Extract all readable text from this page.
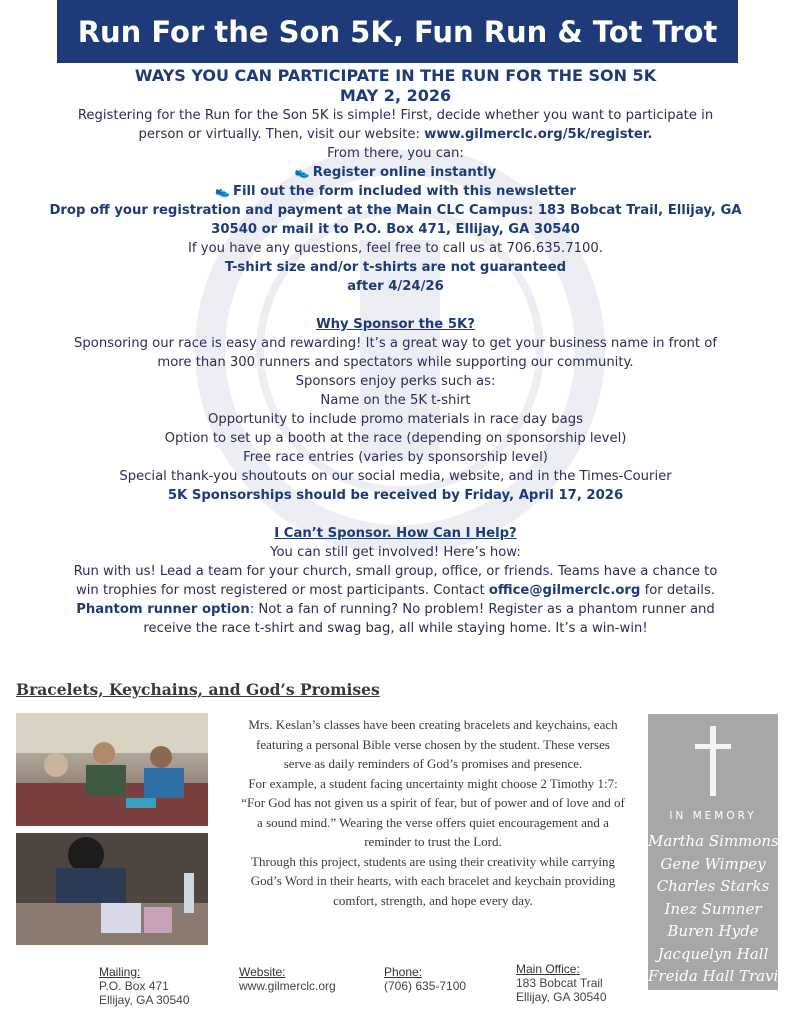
Run For the Son 5K, Fun Run & Tot Trot

WAYS YOU CAN PARTICIPATE IN THE RUN FOR THE SON 5K

MAY 2, 2026

Registering for the Run for the Son 5K is simple! First, decide whether you want to participate in

person or virtually. Then, visit our website: www.gilmerclc.org/5k/register.

From there, you can:

👟 Register online instantly

👟 Fill out the form included with this newsletter

Drop off your registration and payment at the Main CLC Campus: 183 Bobcat Trail, Ellijay, GA

30540 or mail it to P.O. Box 471, Ellijay, GA 30540

If you have any questions, feel free to call us at 706.635.7100.

T-shirt size and/or t-shirts are not guaranteed

after 4/24/26

Why Sponsor the 5K?

Sponsoring our race is easy and rewarding! It’s a great way to get your business name in front of

more than 300 runners and spectators while supporting our community.

Sponsors enjoy perks such as:

Name on the 5K t-shirt

Opportunity to include promo materials in race day bags

Option to set up a booth at the race (depending on sponsorship level)

Free race entries (varies by sponsorship level)

Special thank-you shoutouts on our social media, website, and in the Times-Courier

5K Sponsorships should be received by Friday, April 17, 2026

I Can’t Sponsor. How Can I Help?

You can still get involved! Here’s how:

Run with us! Lead a team for your church, small group, office, or friends. Teams have a chance to

win trophies for most registered or most participants. Contact office@gilmerclc.org for details.

Phantom runner option: Not a fan of running? No problem! Register as a phantom runner and

receive the race t-shirt and swag bag, all while staying home. It’s a win-win!

Bracelets, Keychains, and God’s Promises

Mrs. Keslan’s classes have been creating bracelets and keychains, each

featuring a personal Bible verse chosen by the student. These verses

serve as daily reminders of God’s promises and presence.

For example, a student facing uncertainty might choose 2 Timothy 1:7:

“For God has not given us a spirit of fear, but of power and of love and of

a sound mind.” Wearing the verse offers quiet encouragement and a

reminder to trust the Lord.

Through this project, students are using their creativity while carrying

God’s Word in their hearts, with each bracelet and keychain providing

comfort, strength, and hope every day.

IN MEMORY
Martha Simmons
Gene Wimpey
Charles Starks
Inez Sumner
Buren Hyde
Jacquelyn Hall
Freida Hall Travis
Mailing:
P.O. Box 471
Ellijay, GA 30540
Website:
www.gilmerclc.org
Phone:
(706) 635-7100
Main Office:
183 Bobcat Trail
Ellijay, GA 30540
